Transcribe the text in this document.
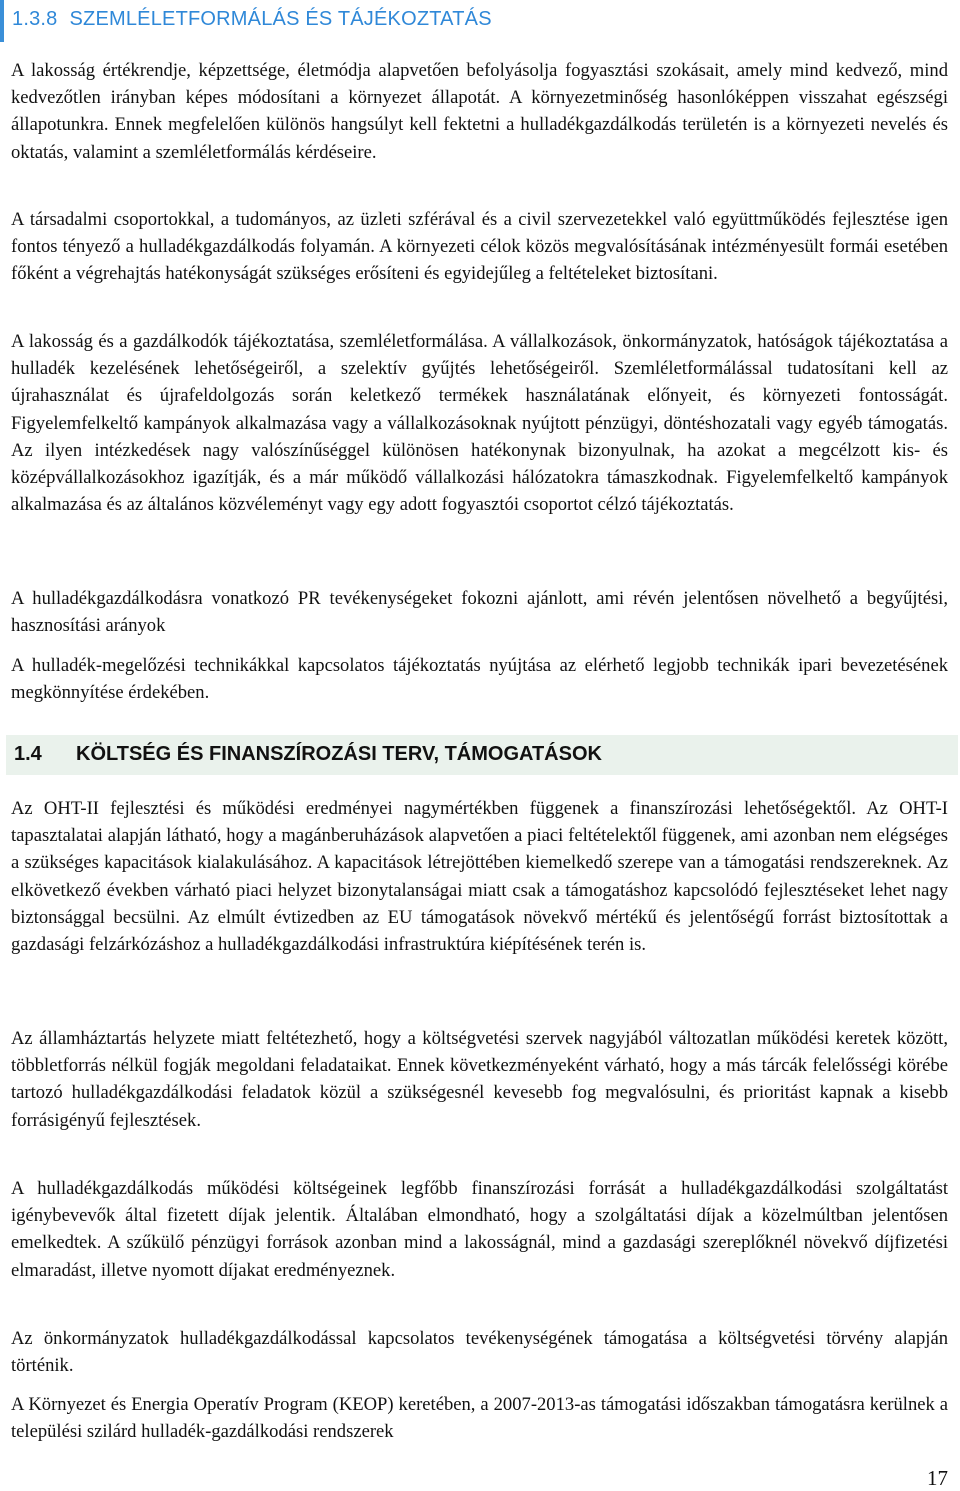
1.3.8 SZEMLÉLETFORMÁLÁS ÉS TÁJÉKOZTATÁS

A lakosság értékrendje, képzettsége, életmódja alapvetően befolyásolja fogyasztási szokásait, amely mind kedvező, mind kedvezőtlen irányban képes módosítani a környezet állapotát. A környezetminőség hasonlóképpen visszahat egészségi állapotunkra. Ennek megfelelően különös hangsúlyt kell fektetni a hulladékgazdálkodás területén is a környezeti nevelés és oktatás, valamint a szemléletformálás kérdéseire.

A társadalmi csoportokkal, a tudományos, az üzleti szférával és a civil szervezetekkel való együttműködés fejlesztése igen fontos tényező a hulladékgazdálkodás folyamán. A környezeti célok közös megvalósításának intézményesült formái esetében főként a végrehajtás hatékonyságát szükséges erősíteni és egyidejűleg a feltételeket biztosítani.

A lakosság és a gazdálkodók tájékoztatása, szemléletformálása. A vállalkozások, önkormányzatok, hatóságok tájékoztatása a hulladék kezelésének lehetőségeiről, a szelektív gyűjtés lehetőségeiről. Szemléletformálással tudatosítani kell az újrahasználat és újrafeldolgozás során keletkező termékek használatának előnyeit, és környezeti fontosságát. Figyelemfelkeltő kampányok alkalmazása vagy a vállalkozásoknak nyújtott pénzügyi, döntéshozatali vagy egyéb támogatás. Az ilyen intézkedések nagy valószínűséggel különösen hatékonynak bizonyulnak, ha azokat a megcélzott kis- és középvállalkozásokhoz igazítják, és a már működő vállalkozási hálózatokra támaszkodnak. Figyelemfelkeltő kampányok alkalmazása és az általános közvéleményt vagy egy adott fogyasztói csoportot célzó tájékoztatás.

A hulladékgazdálkodásra vonatkozó PR tevékenységeket fokozni ajánlott, ami révén jelentősen növelhető a begyűjtési, hasznosítási arányok

A hulladék-megelőzési technikákkal kapcsolatos tájékoztatás nyújtása az elérhető legjobb technikák ipari bevezetésének megkönnyítése érdekében.

1.4 KÖLTSÉG ÉS FINANSZÍROZÁSI TERV, TÁMOGATÁSOK

Az OHT-II fejlesztési és működési eredményei nagymértékben függenek a finanszírozási lehetőségektől. Az OHT-I tapasztalatai alapján látható, hogy a magánberuházások alapvetően a piaci feltételektől függenek, ami azonban nem elégséges a szükséges kapacitások kialakulásához. A kapacitások létrejöttében kiemelkedő szerepe van a támogatási rendszereknek. Az elkövetkező években várható piaci helyzet bizonytalanságai miatt csak a támogatáshoz kapcsolódó fejlesztéseket lehet nagy biztonsággal becsülni. Az elmúlt évtizedben az EU támogatások növekvő mértékű és jelentőségű forrást biztosítottak a gazdasági felzárkózáshoz a hulladékgazdálkodási infrastruktúra kiépítésének terén is.

Az államháztartás helyzete miatt feltétezhető, hogy a költségvetési szervek nagyjából változatlan működési keretek között, többletforrás nélkül fogják megoldani feladataikat. Ennek következményeként várható, hogy a más tárcák felelősségi körébe tartozó hulladékgazdálkodási feladatok közül a szükségesnél kevesebb fog megvalósulni, és prioritást kapnak a kisebb forrásigényű fejlesztések.

A hulladékgazdálkodás működési költségeinek legfőbb finanszírozási forrását a hulladékgazdálkodási szolgáltatást igénybevevők által fizetett díjak jelentik. Általában elmondható, hogy a szolgáltatási díjak a közelmúltban jelentősen emelkedtek. A szűkülő pénzügyi források azonban mind a lakosságnál, mind a gazdasági szereplőknél növekvő díjfizetési elmaradást, illetve nyomott díjakat eredményeznek.

Az önkormányzatok hulladékgazdálkodással kapcsolatos tevékenységének támogatása a költségvetési törvény alapján történik.

A Környezet és Energia Operatív Program (KEOP) keretében, a 2007-2013-as támogatási időszakban támogatásra kerülnek a települési szilárd hulladék-gazdálkodási rendszerek

17
